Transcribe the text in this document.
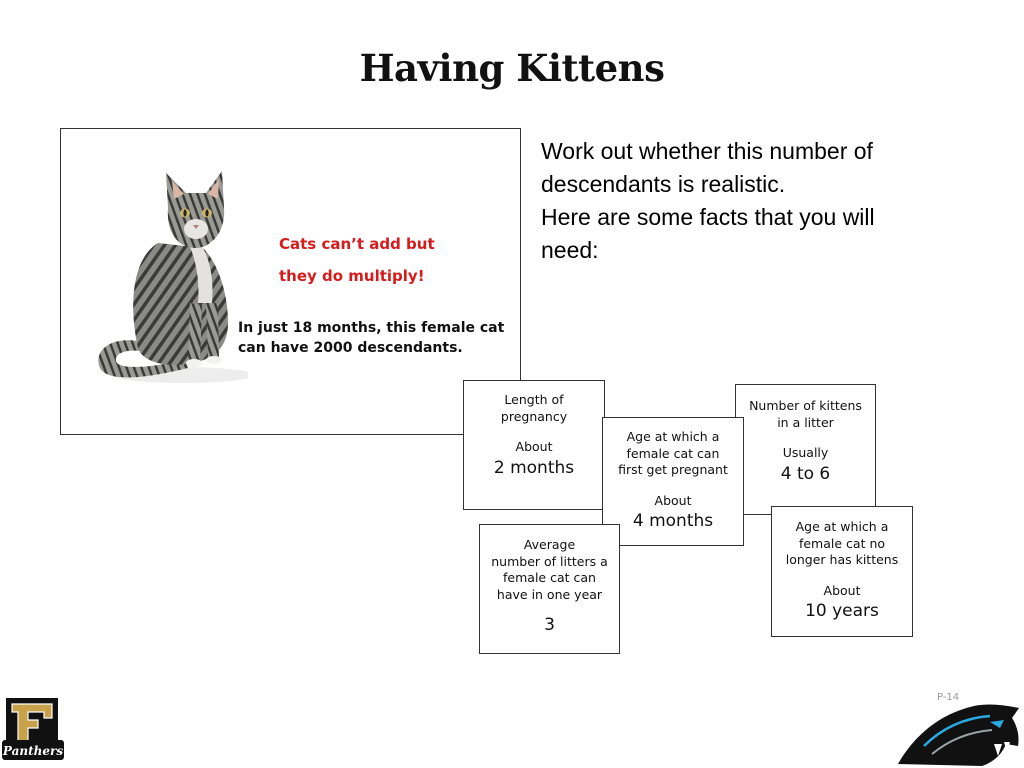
Having Kittens
Cats can’t add but
they do multiply!
In just 18 months, this female cat
can have 2000 descendants.
Work out whether this number of
descendants is realistic.
Here are some facts that you will
need:
Length of
pregnancy
About
2 months
Number of kittens
in a litter
Usually
4 to 6
Age at which a
female cat can
first get pregnant
About
4 months
Average
number of litters a
female cat can
have in one year
3
Age at which a
female cat no
longer has kittens
About
10 years
P-14
Panthers
